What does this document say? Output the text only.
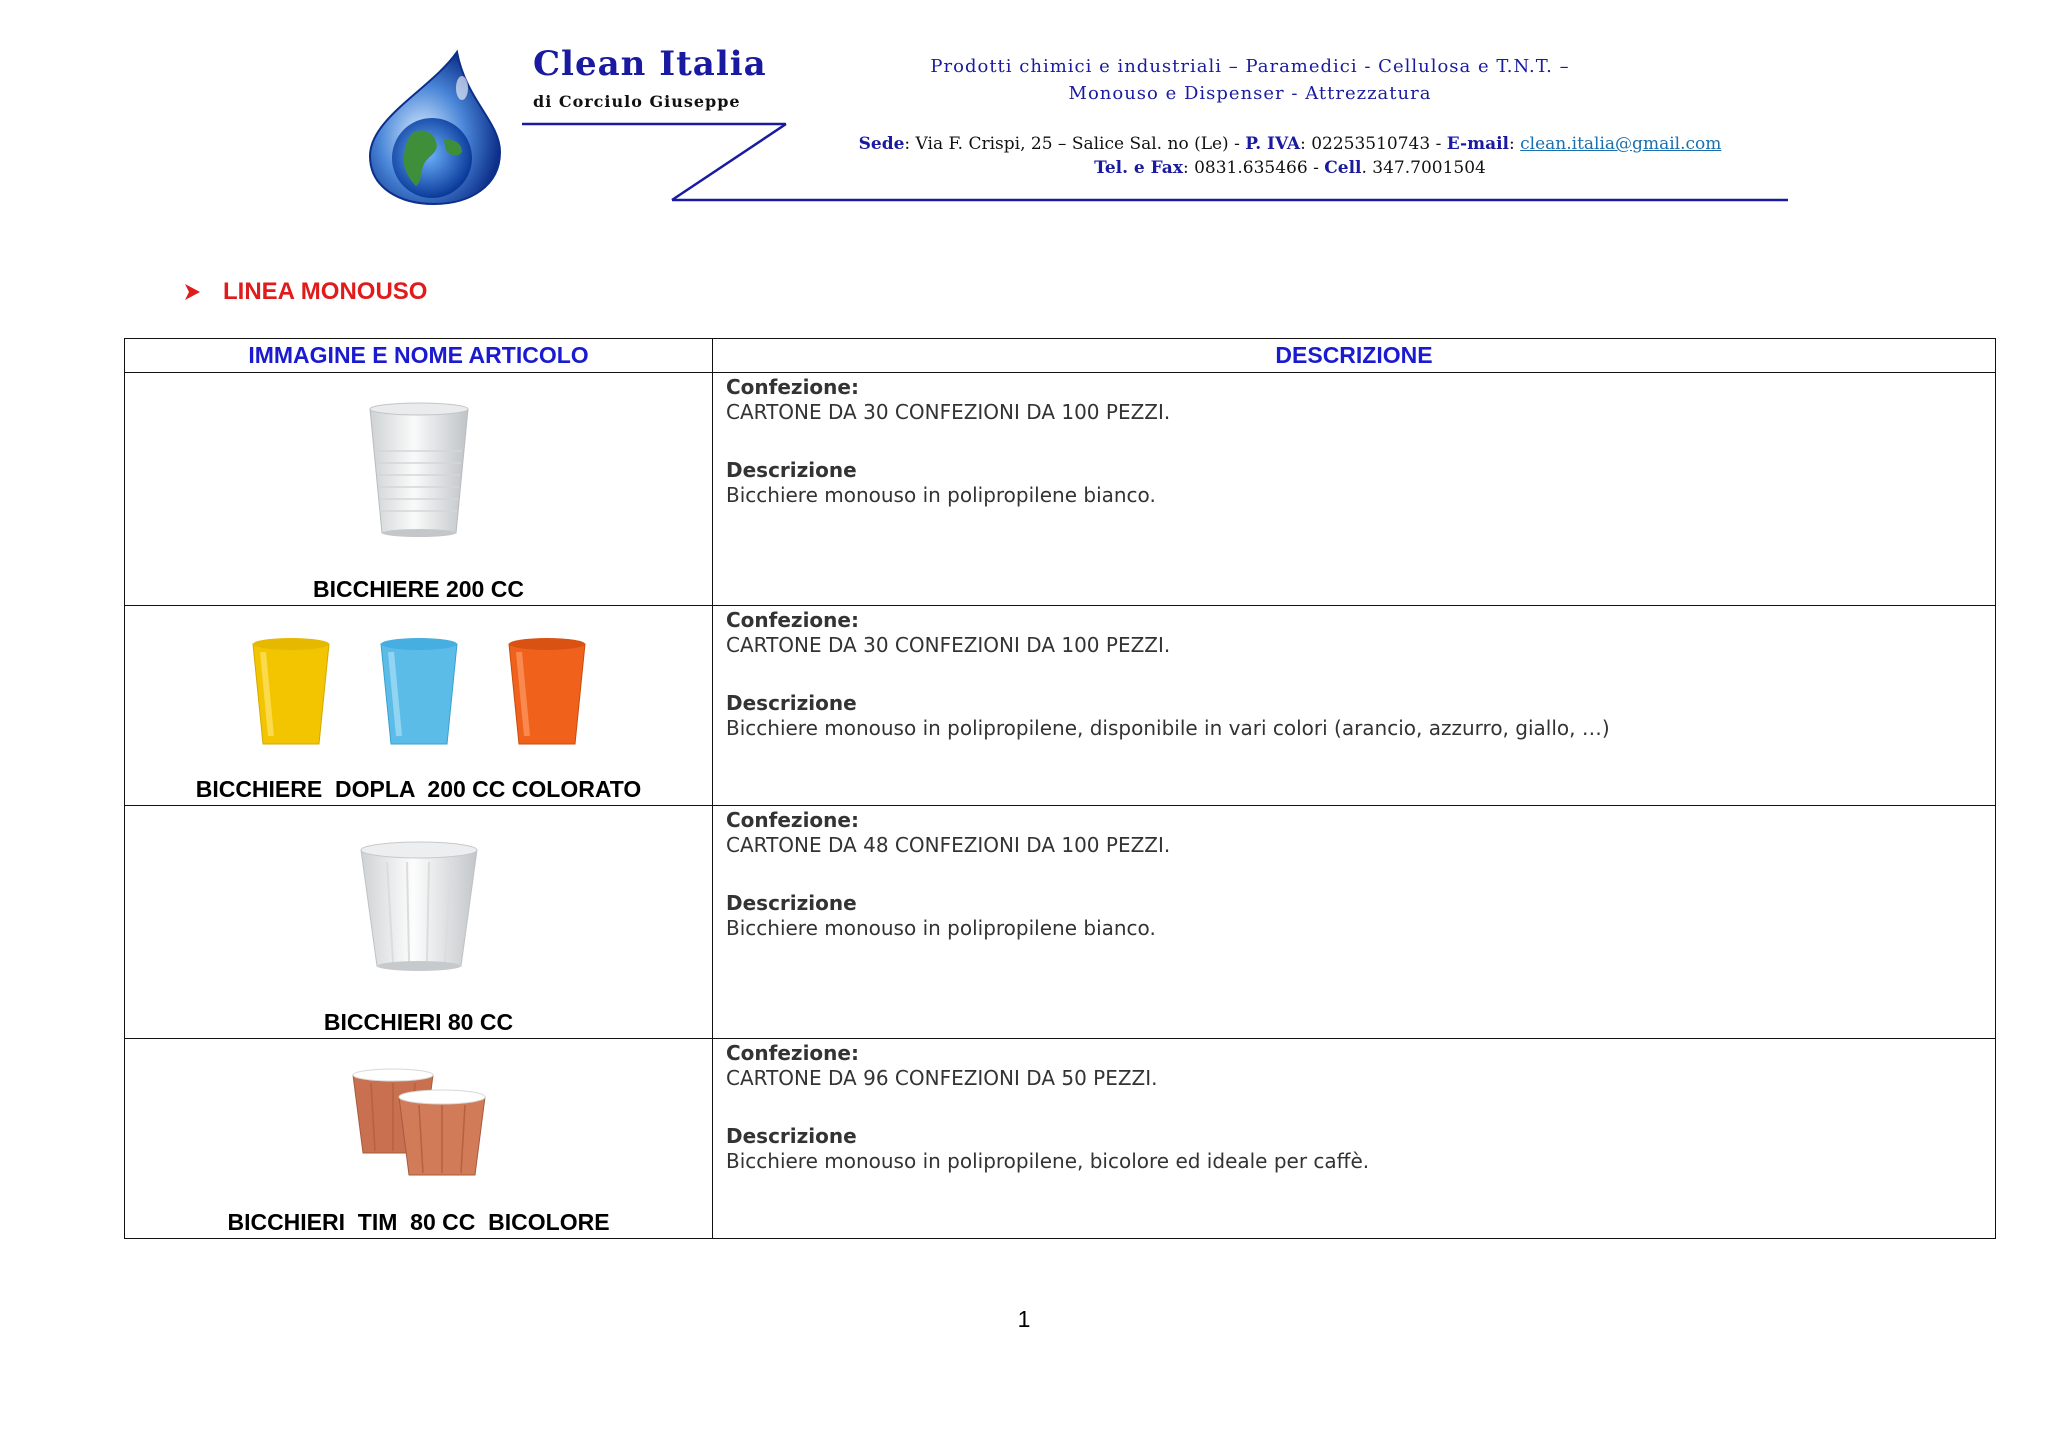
Clean Italia
di Corciulo Giuseppe
Prodotti chimici e industriali – Paramedici - Cellulosa e T.N.T. –
Monouso e Dispenser - Attrezzatura
Sede: Via F. Crispi, 25 – Salice Sal. no (Le) - P. IVA: 02253510743 - E-mail: clean.italia@gmail.com
Tel. e Fax: 0831.635466 - Cell. 347.7001504
LINEA MONOUSO
IMMAGINE E NOME ARTICOLO	DESCRIZIONE

BICCHIERE 200 CC	Confezione:
CARTONE DA 30 CONFEZIONI DA 100 PEZZI.
Descrizione
Bicchiere monouso in polipropilene bianco.

BICCHIERE  DOPLA  200 CC COLORATO	Confezione:
CARTONE DA 30 CONFEZIONI DA 100 PEZZI.
Descrizione
Bicchiere monouso in polipropilene, disponibile in vari colori (arancio, azzurro, giallo, …)

BICCHIERI 80 CC	Confezione:
CARTONE DA 48 CONFEZIONI DA 100 PEZZI.
Descrizione
Bicchiere monouso in polipropilene bianco.

BICCHIERI  TIM  80 CC  BICOLORE	Confezione:
CARTONE DA 96 CONFEZIONI DA 50 PEZZI.
Descrizione
Bicchiere monouso in polipropilene, bicolore ed ideale per caffè.
1
